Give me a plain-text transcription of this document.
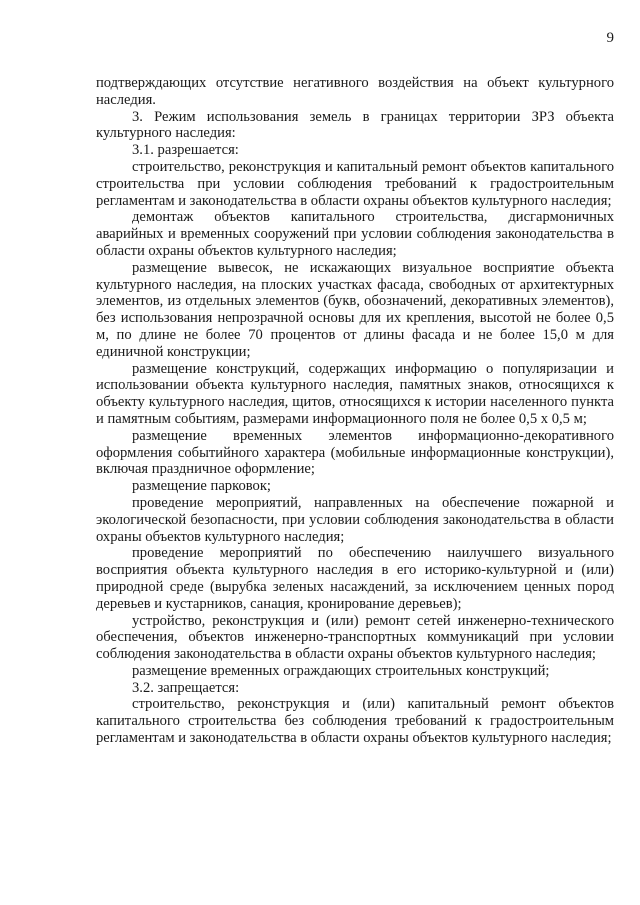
9

подтверждающих отсутствие негативного воздействия на объект культурного наследия.

3. Режим использования земель в границах территории ЗРЗ объекта культурного наследия:

3.1. разрешается:

строительство, реконструкция и капитальный ремонт объектов капитального строительства при условии соблюдения требований к градостроительным регламентам и законодательства в области охраны объектов культурного наследия;

демонтаж объектов капитального строительства, дисгармоничных аварийных и временных сооружений при условии соблюдения законодательства в области охраны объектов культурного наследия;

размещение вывесок, не искажающих визуальное восприятие объекта культурного наследия, на плоских участках фасада, свободных от архитектурных элементов, из отдельных элементов (букв, обозначений, декоративных элементов), без использования непрозрачной основы для их крепления, высотой не более 0,5 м, по длине не более 70 процентов от длины фасада и не более 15,0 м для единичной конструкции;

размещение конструкций, содержащих информацию о популяризации и использовании объекта культурного наследия, памятных знаков, относящихся к объекту культурного наследия, щитов, относящихся к истории населенного пункта и памятным событиям, размерами информационного поля не более 0,5 х 0,5 м;

размещение временных элементов информационно-декоративного оформления событийного характера (мобильные информационные конструкции), включая праздничное оформление;

размещение парковок;

проведение мероприятий, направленных на обеспечение пожарной и экологической безопасности, при условии соблюдения законодательства в области охраны объектов культурного наследия;

проведение мероприятий по обеспечению наилучшего визуального восприятия объекта культурного наследия в его историко-культурной и (или) природной среде (вырубка зеленых насаждений, за исключением ценных пород деревьев и кустарников, санация, кронирование деревьев);

устройство, реконструкция и (или) ремонт сетей инженерно-технического обеспечения, объектов инженерно-транспортных коммуникаций при условии соблюдения законодательства в области охраны объектов культурного наследия;

размещение временных ограждающих строительных конструкций;

3.2. запрещается:

строительство, реконструкция и (или) капитальный ремонт объектов капитального строительства без соблюдения требований к градостроительным регламентам и законодательства в области охраны объектов культурного наследия;
